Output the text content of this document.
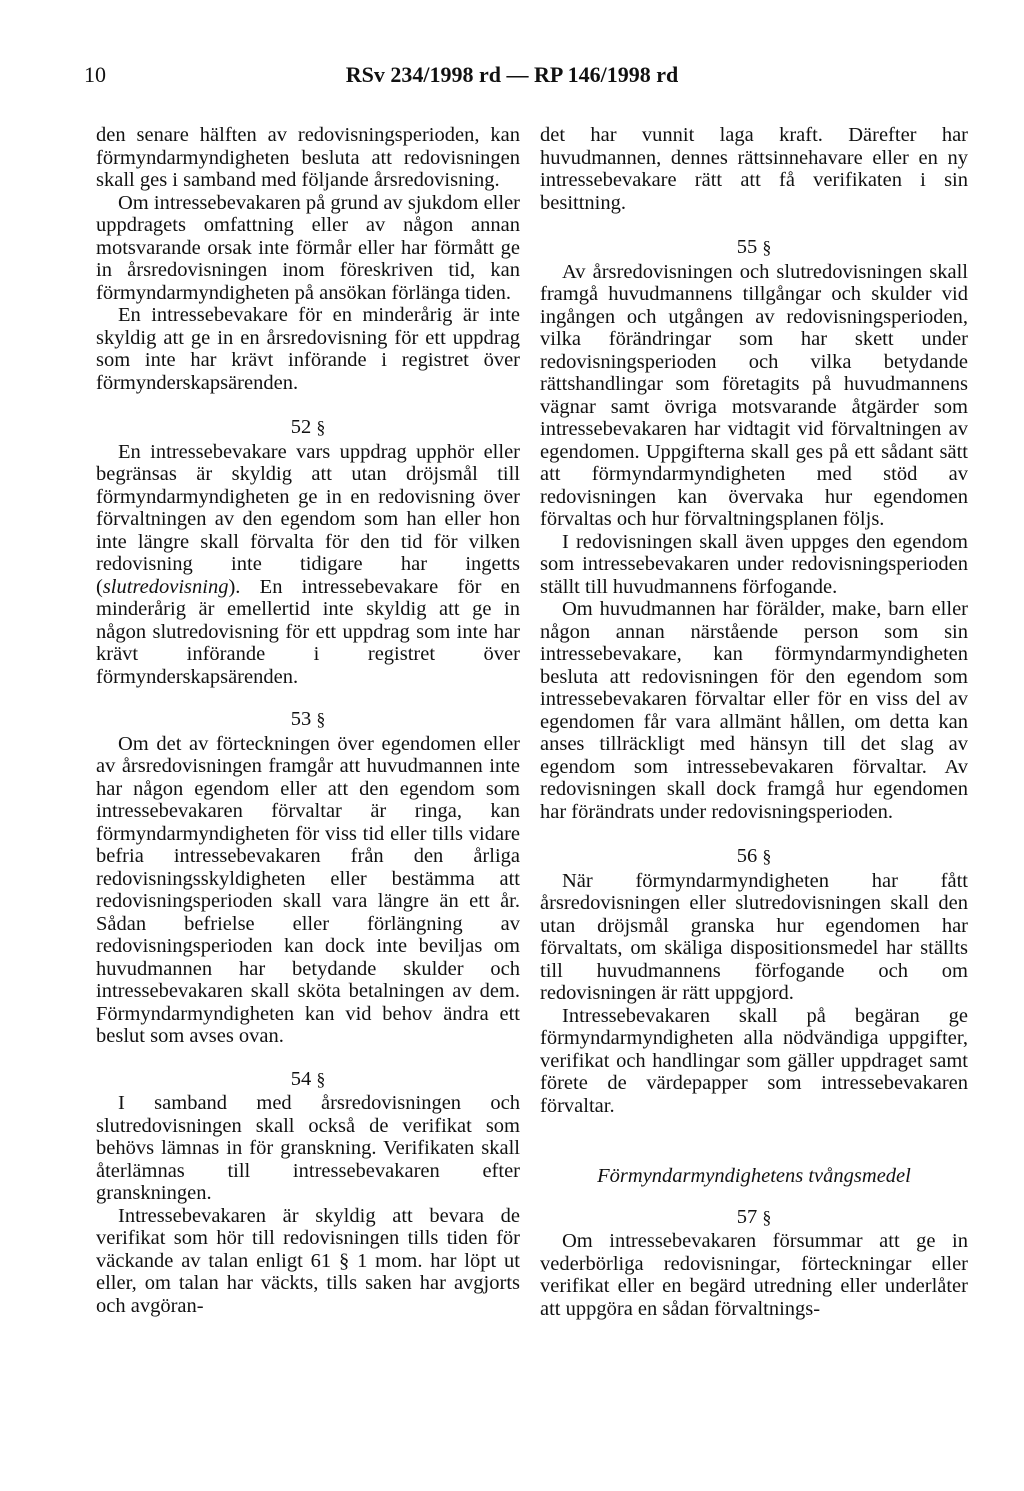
10	RSv 234/1998 rd — RP 146/1998 rd

den senare hälften av redovisningsperioden, kan förmyndarmyndigheten besluta att redovisningen skall ges i samband med följande årsredovisning.

Om intressebevakaren på grund av sjukdom eller uppdragets omfattning eller av någon annan motsvarande orsak inte förmår eller har förmått ge in årsredovisningen inom föreskriven tid, kan förmyndarmyndigheten på ansökan förlänga tiden.

En intressebevakare för en minderårig är inte skyldig att ge in en årsredovisning för ett uppdrag som inte har krävt införande i registret över förmynderskapsärenden.

52 §

En intressebevakare vars uppdrag upphör eller begränsas är skyldig att utan dröjsmål till förmyndarmyndigheten ge in en redovisning över förvaltningen av den egendom som han eller hon inte längre skall förvalta för den tid för vilken redovisning inte tidigare har ingetts (slutredovisning). En intressebevakare för en minderårig är emellertid inte skyldig att ge in någon slutredovisning för ett uppdrag som inte har krävt införande i registret över förmynderskapsärenden.

53 §

Om det av förteckningen över egendomen eller av årsredovisningen framgår att huvudmannen inte har någon egendom eller att den egendom som intressebevakaren förvaltar är ringa, kan förmyndarmyndigheten för viss tid eller tills vidare befria intressebevakaren från den årliga redovisningsskyldigheten eller bestämma att redovisningsperioden skall vara längre än ett år. Sådan befrielse eller förlängning av redovisningsperioden kan dock inte beviljas om huvudmannen har betydande skulder och intressebevakaren skall sköta betalningen av dem. Förmyndarmyndigheten kan vid behov ändra ett beslut som avses ovan.

54 §

I samband med årsredovisningen och slutredovisningen skall också de verifikat som behövs lämnas in för granskning. Verifikaten skall återlämnas till intressebevakaren efter granskningen.

Intressebevakaren är skyldig att bevara de verifikat som hör till redovisningen tills tiden för väckande av talan enligt 61 § 1 mom. har löpt ut eller, om talan har väckts, tills saken har avgjorts och avgöran-

det har vunnit laga kraft. Därefter har huvudmannen, dennes rättsinnehavare eller en ny intressebevakare rätt att få verifikaten i sin besittning.

55 §

Av årsredovisningen och slutredovisningen skall framgå huvudmannens tillgångar och skulder vid ingången och utgången av redovisningsperioden, vilka förändringar som har skett under redovisningsperioden och vilka betydande rättshandlingar som företagits på huvudmannens vägnar samt övriga motsvarande åtgärder som intressebevakaren har vidtagit vid förvaltningen av egendomen. Uppgifterna skall ges på ett sådant sätt att förmyndarmyndigheten med stöd av redovisningen kan övervaka hur egendomen förvaltas och hur förvaltningsplanen följs.

I redovisningen skall även uppges den egendom som intressebevakaren under redovisningsperioden ställt till huvudmannens förfogande.

Om huvudmannen har förälder, make, barn eller någon annan närstående person som sin intressebevakare, kan förmyndarmyndigheten besluta att redovisningen för den egendom som intressebevakaren förvaltar eller för en viss del av egendomen får vara allmänt hållen, om detta kan anses tillräckligt med hänsyn till det slag av egendom som intressebevakaren förvaltar. Av redovisningen skall dock framgå hur egendomen har förändrats under redovisningsperioden.

56 §

När förmyndarmyndigheten har fått årsredovisningen eller slutredovisningen skall den utan dröjsmål granska hur egendomen har förvaltats, om skäliga dispositionsmedel har ställts till huvudmannens förfogande och om redovisningen är rätt uppgjord.

Intressebevakaren skall på begäran ge förmyndarmyndigheten alla nödvändiga uppgifter, verifikat och handlingar som gäller uppdraget samt förete de värdepapper som intressebevakaren förvaltar.

Förmyndarmyndighetens tvångsmedel
57 §

Om intressebevakaren försummar att ge in vederbörliga redovisningar, förteckningar eller verifikat eller en begärd utredning eller underlåter att uppgöra en sådan förvaltnings-
